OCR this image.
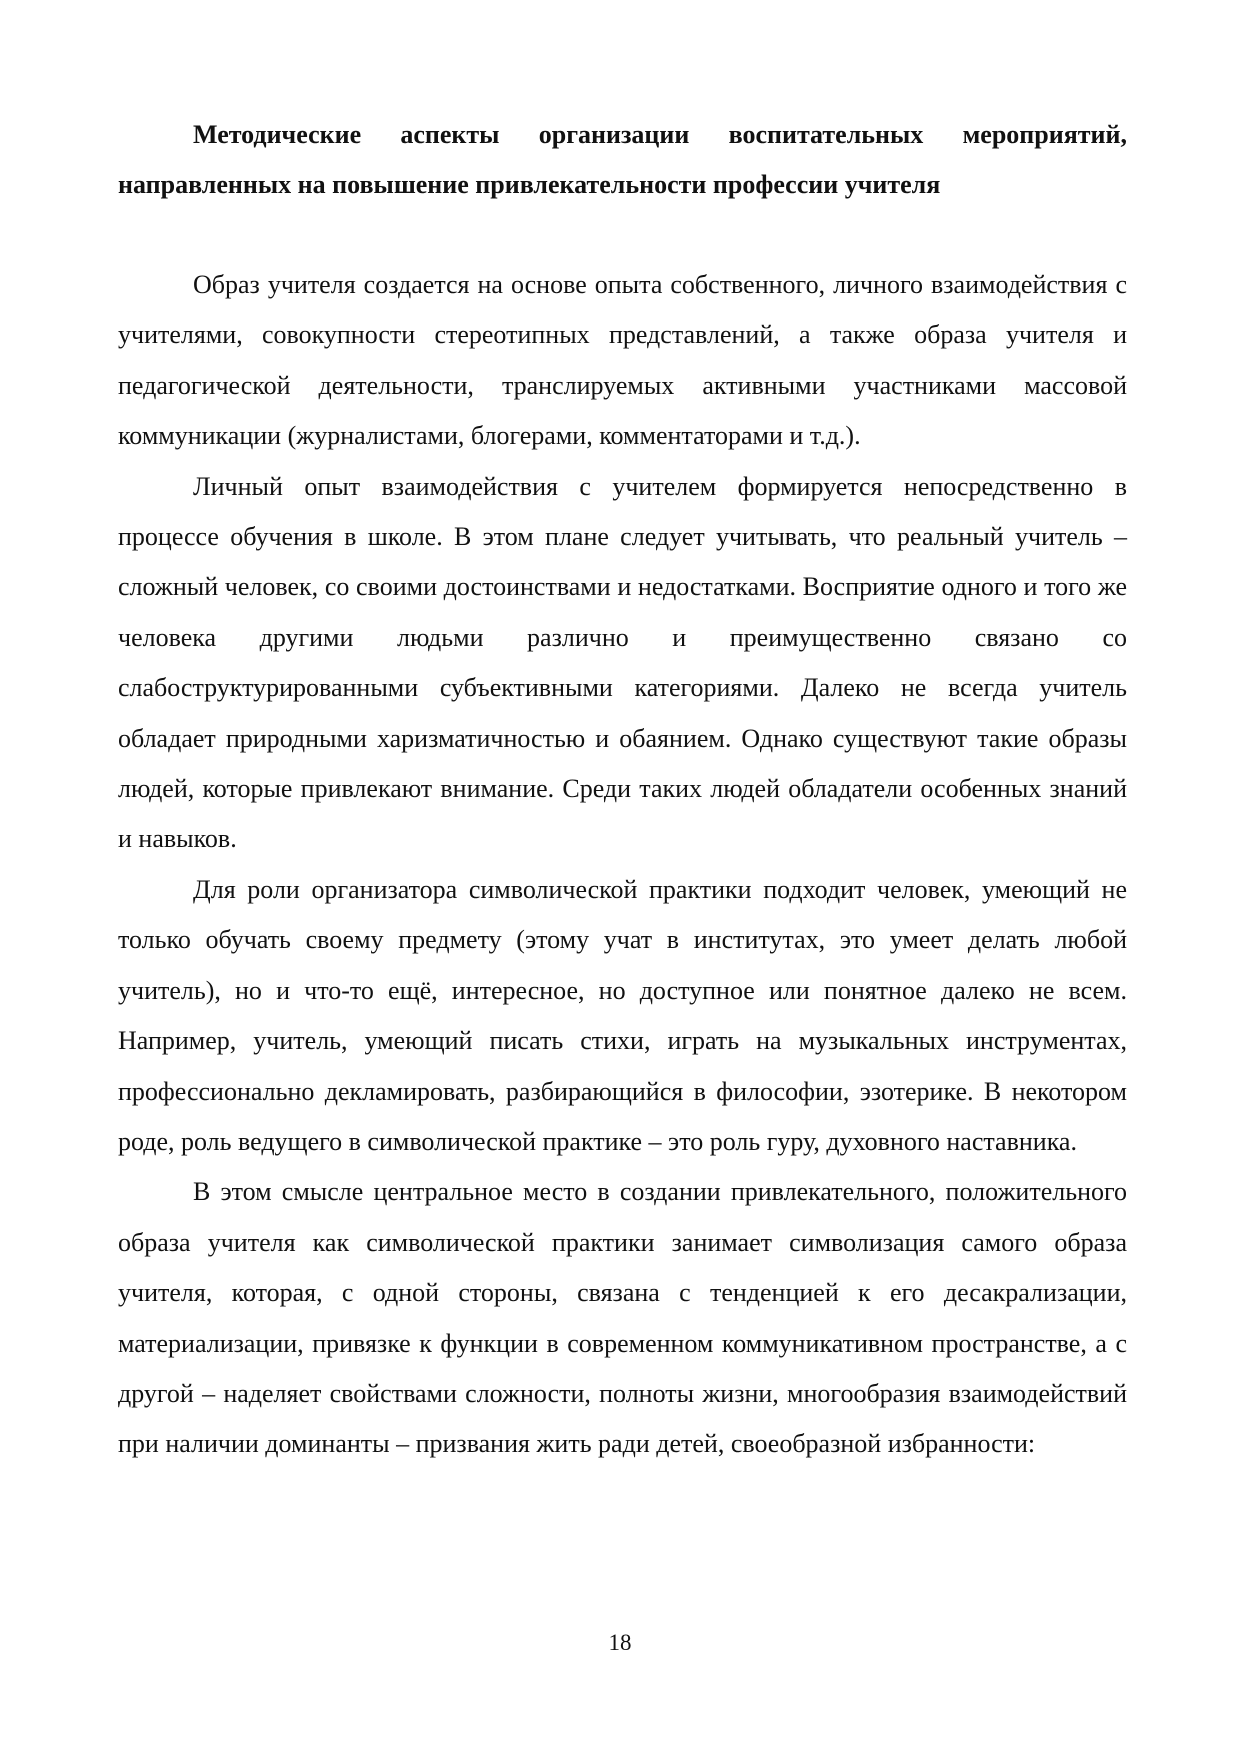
Методические аспекты организации воспитательных мероприятий, направленных на повышение привлекательности профессии учителя

Образ учителя создается на основе опыта собственного, личного взаимодействия с учителями, совокупности стереотипных представлений, а также образа учителя и педагогической деятельности, транслируемых активными участниками массовой коммуникации (журналистами, блогерами, комментаторами и т.д.).

Личный опыт взаимодействия с учителем формируется непосредственно в процессе обучения в школе. В этом плане следует учитывать, что реальный учитель – сложный человек, со своими достоинствами и недостатками. Восприятие одного и того же человека другими людьми различно и преимущественно связано со слабоструктурированными субъективными категориями. Далеко не всегда учитель обладает природными харизматичностью и обаянием. Однако существуют такие образы людей, которые привлекают внимание. Среди таких людей обладатели особенных знаний и навыков.

Для роли организатора символической практики подходит человек, умеющий не только обучать своему предмету (этому учат в институтах, это умеет делать любой учитель), но и что-то ещё, интересное, но доступное или понятное далеко не всем. Например, учитель, умеющий писать стихи, играть на музыкальных инструментах, профессионально декламировать, разбирающийся в философии, эзотерике. В некотором роде, роль ведущего в символической практике – это роль гуру, духовного наставника.

В этом смысле центральное место в создании привлекательного, положительного образа учителя как символической практики занимает символизация самого образа учителя, которая, с одной стороны, связана с тенденцией к его десакрализации, материализации, привязке к функции в современном коммуникативном пространстве, а с другой – наделяет свойствами сложности, полноты жизни, многообразия взаимодействий при наличии доминанты – призвания жить ради детей, своеобразной избранности:

18
